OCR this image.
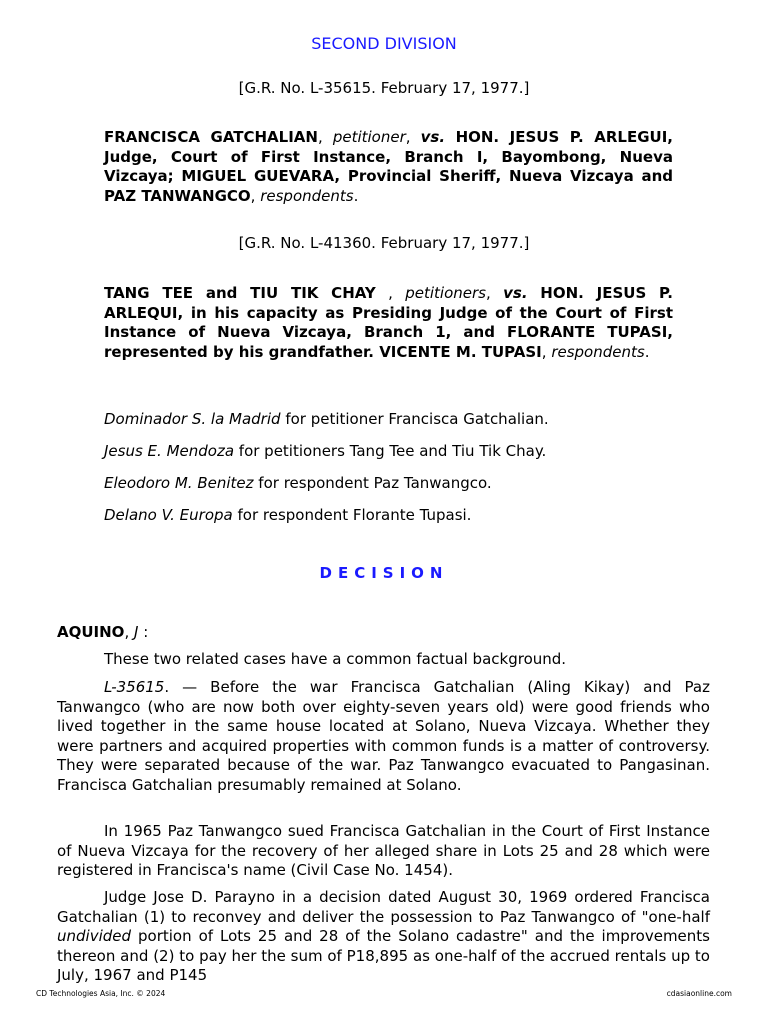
SECOND DIVISION
[G.R. No. L-35615. February 17, 1977.]
FRANCISCA GATCHALIAN, petitioner, vs. HON. JESUS P. ARLEGUI, Judge, Court of First Instance, Branch I, Bayombong, Nueva Vizcaya; MIGUEL GUEVARA, Provincial Sheriff, Nueva Vizcaya and PAZ TANWANGCO, respondents.
[G.R. No. L-41360. February 17, 1977.]
TANG TEE and TIU TIK CHAY , petitioners, vs. HON. JESUS P. ARLEQUI, in his capacity as Presiding Judge of the Court of First Instance of Nueva Vizcaya, Branch 1, and FLORANTE TUPASI, represented by his grandfather. VICENTE M. TUPASI, respondents.
Dominador S. la Madrid for petitioner Francisca Gatchalian.
Jesus E. Mendoza for petitioners Tang Tee and Tiu Tik Chay.
Eleodoro M. Benitez for respondent Paz Tanwangco.
Delano V. Europa for respondent Florante Tupasi.
DECISION
AQUINO, J :
These two related cases have a common factual background.
L-35615. — Before the war Francisca Gatchalian (Aling Kikay) and Paz Tanwangco (who are now both over eighty-seven years old) were good friends who lived together in the same house located at Solano, Nueva Vizcaya. Whether they were partners and acquired properties with common funds is a matter of controversy. They were separated because of the war. Paz Tanwangco evacuated to Pangasinan. Francisca Gatchalian presumably remained at Solano.
In 1965 Paz Tanwangco sued Francisca Gatchalian in the Court of First Instance of Nueva Vizcaya for the recovery of her alleged share in Lots 25 and 28 which were registered in Francisca's name (Civil Case No. 1454).
Judge Jose D. Parayno in a decision dated August 30, 1969 ordered Francisca Gatchalian (1) to reconvey and deliver the possession to Paz Tanwangco of "one-half undivided portion of Lots 25 and 28 of the Solano cadastre" and the improvements thereon and (2) to pay her the sum of P18,895 as one-half of the accrued rentals up to July, 1967 and P145
CD Technologies Asia, Inc. © 2024	cdasiaonline.com
